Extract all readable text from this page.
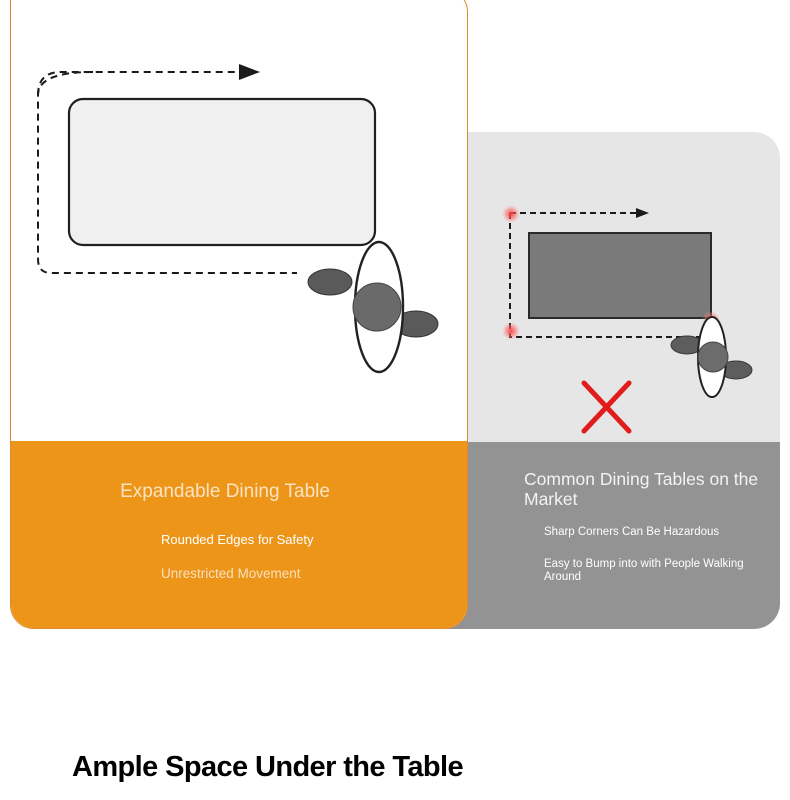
Common Dining Tables on the Market
Sharp Corners Can Be Hazardous
Easy to Bump into with People Walking Around
Expandable Dining Table
Rounded Edges for Safety
Unrestricted Movement
Ample Space Under the Table
